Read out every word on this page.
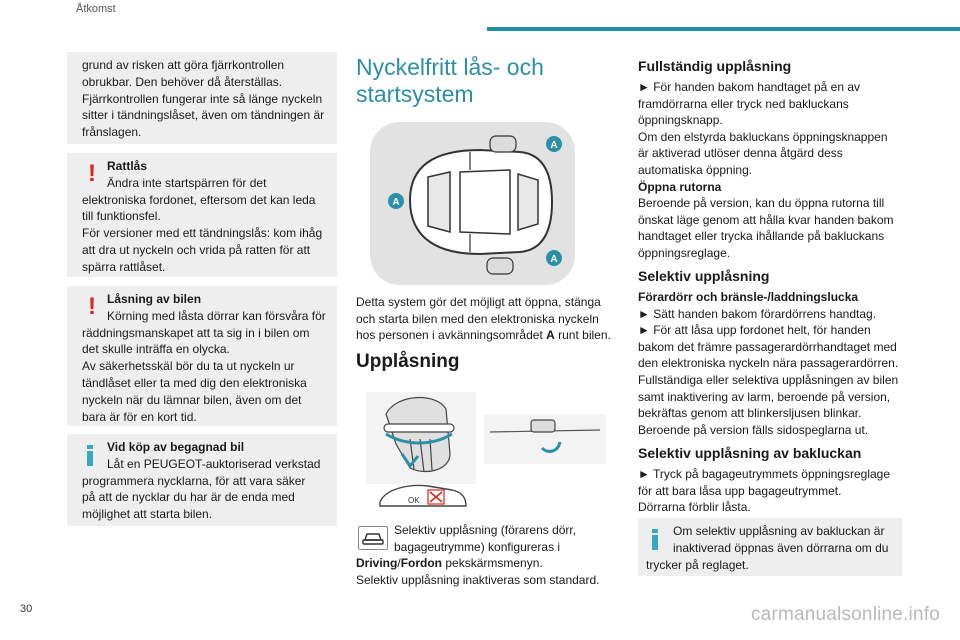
Åtkomst

grund av risken att göra fjärrkontrollen

obrukbar. Den behöver då återställas.

Fjärrkontrollen fungerar inte så länge nyckeln

sitter i tändningslåset, även om tändningen är

frånslagen.

! Rattlås

Ändra inte startspärren för det

elektroniska fordonet, eftersom det kan leda

till funktionsfel.

För versioner med ett tändningslås: kom ihåg

att dra ut nyckeln och vrida på ratten för att

spärra rattlåset.

! Låsning av bilen

Körning med låsta dörrar kan försvåra för

räddningsmanskapet att ta sig in i bilen om

det skulle inträffa en olycka.

Av säkerhetsskäl bör du ta ut nyckeln ur

tändlåset eller ta med dig den elektroniska

nyckeln när du lämnar bilen, även om det

bara är för en kort tid.

Vid köp av begagnad bil

Låt en PEUGEOT-auktoriserad verkstad

programmera nycklarna, för att vara säker

på att de nycklar du har är de enda med

möjlighet att starta bilen.

Nyckelfritt lås- och
startsystem
A
A
A
Detta system gör det möjligt att öppna, stänga
och starta bilen med den elektroniska nyckeln
hos personen i avkänningsområdet A runt bilen.
Upplåsning
OK
Selektiv upplåsning (förarens dörr,
bagageutrymme) konfigureras i
Driving/Fordon pekskärmsmenyn.
Selektiv upplåsning inaktiveras som standard.
Fullständig upplåsning
► För handen bakom handtaget på en av
framdörrarna eller tryck ned bakluckans
öppningsknapp.
Om den elstyrda bakluckans öppningsknappen
är aktiverad utlöser denna åtgärd dess
automatiska öppning.
Öppna rutorna
Beroende på version, kan du öppna rutorna till
önskat läge genom att hålla kvar handen bakom
handtaget eller trycka ihållande på bakluckans
öppningsreglage.
Selektiv upplåsning
Förardörr och bränsle-/laddningslucka
► Sätt handen bakom förardörrens handtag.
► För att låsa upp fordonet helt, för handen
bakom det främre passagerardörrhandtaget med
den elektroniska nyckeln nära passagerardörren.
Fullständiga eller selektiva upplåsningen av bilen
samt inaktivering av larm, beroende på version,
bekräftas genom att blinkersljusen blinkar.
Beroende på version fälls sidospeglarna ut.
Selektiv upplåsning av bakluckan
► Tryck på bagageutrymmets öppningsreglage
för att bara låsa upp bagageutrymmet.
Dörrarna förblir låsta.

Om selektiv upplåsning av bakluckan är

inaktiverad öppnas även dörrarna om du

trycker på reglaget.

30	carmanualsonline.info
